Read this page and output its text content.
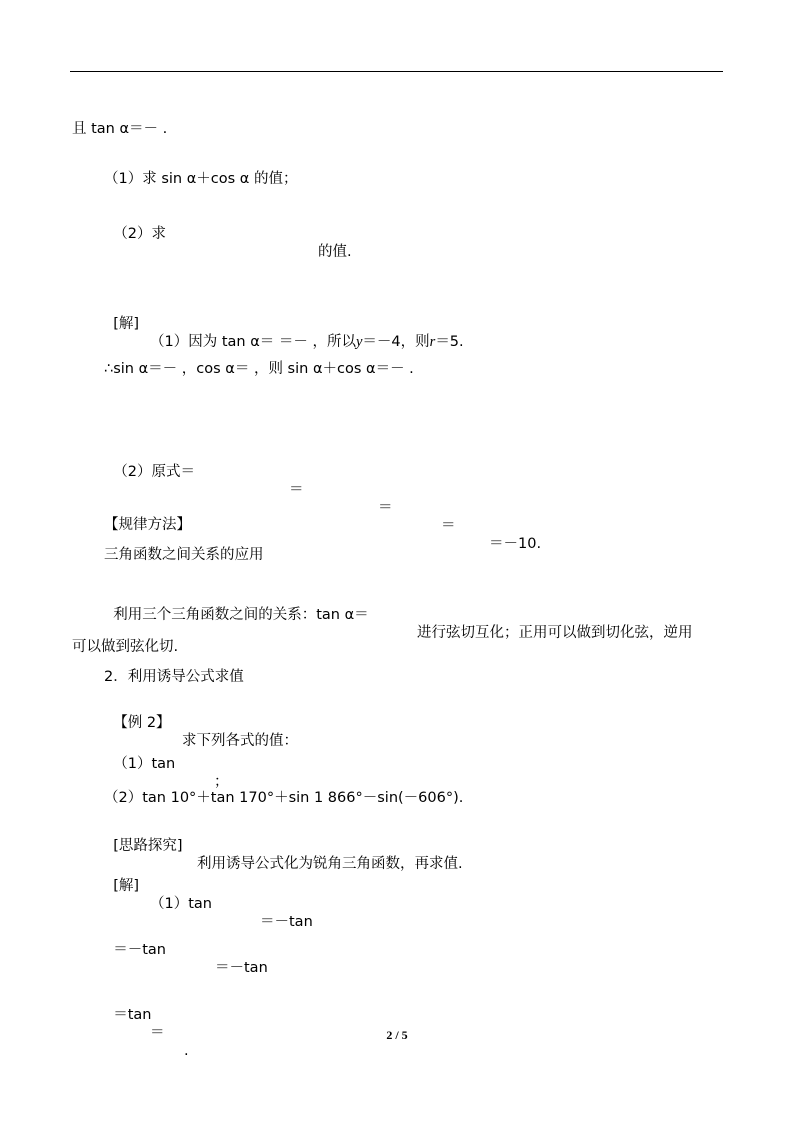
且 tan α＝－ .
（1）求 sin α＋cos α 的值；

（2）求

的值.

[解]

（1）因为 tan α＝ ＝－ ，所以y＝－4，则r＝5.

∴sin α＝－ ，cos α＝ ，则 sin α＋cos α＝－ .

（2）原式＝

＝

＝

＝

＝－10.

【规律方法】
三角函数之间关系的应用

利用三个三角函数之间的关系：tan α＝

进行弦切互化；正用可以做到切化弦，逆用

可以做到弦化切.
2．利用诱导公式求值

【例 2】

求下列各式的值：

（1）tan

；

（2）tan 10°＋tan 170°＋sin 1 866°－sin(－606°).

[思路探究]

利用诱导公式化为锐角三角函数，再求值.

[解]

（1）tan

＝－tan

＝－tan

＝－tan

＝tan

＝

.

2 / 5
